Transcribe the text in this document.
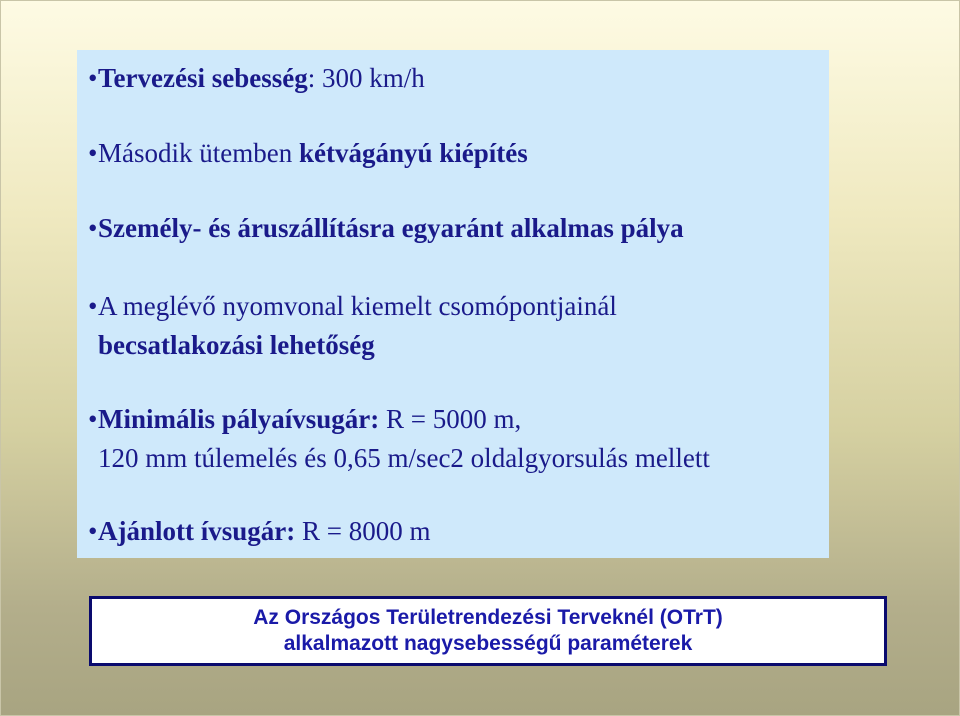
•Tervezési sebesség: 300 km/h
•Második ütemben kétvágányú kiépítés
•Személy- és áruszállításra egyaránt alkalmas pálya
•A meglévő nyomvonal kiemelt csomópontjainál
becsatlakozási lehetőség
•Minimális pályaívsugár: R = 5000 m,
120 mm túlemelés és 0,65 m/sec2 oldalgyorsulás mellett
•Ajánlott ívsugár: R = 8000 m
Az Országos Területrendezési Terveknél (OTrT)
alkalmazott nagysebességű paraméterek
